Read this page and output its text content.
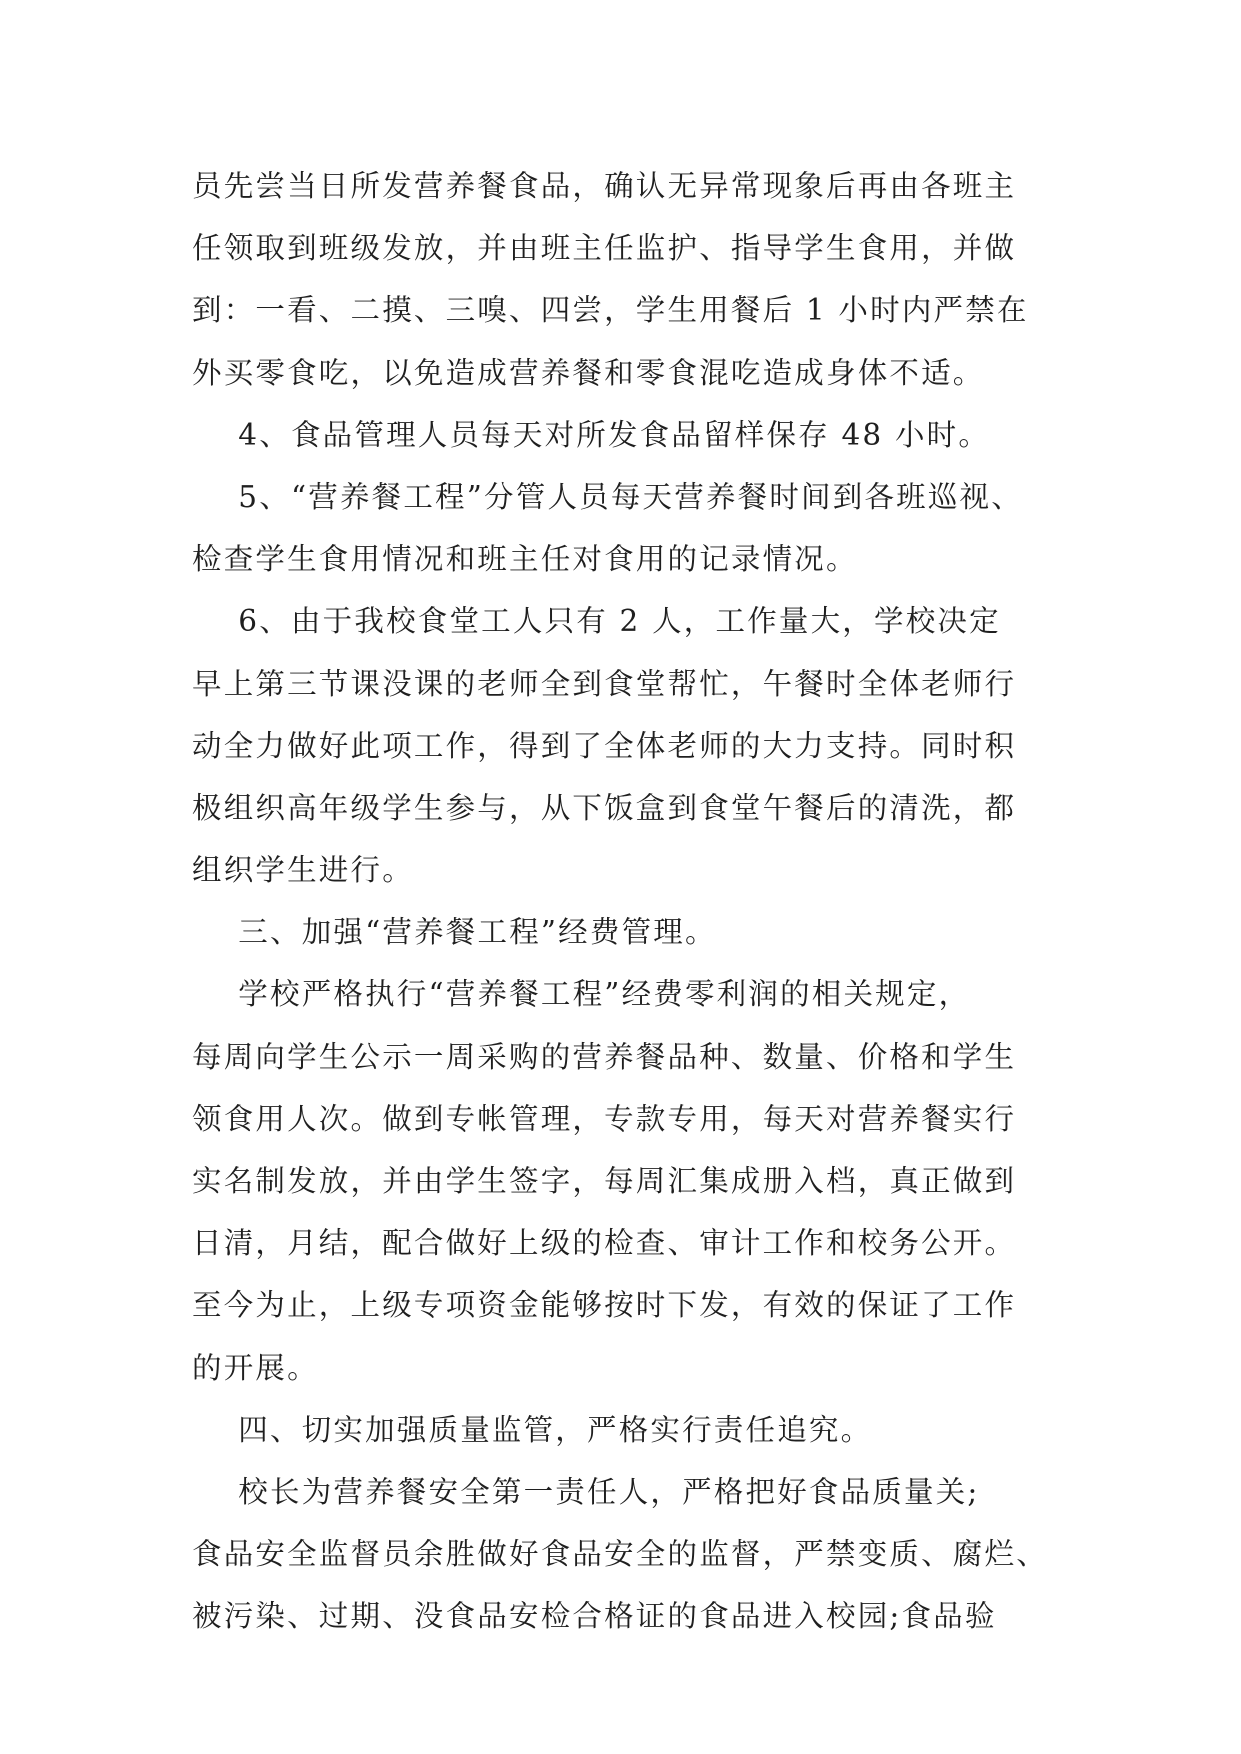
员先尝当日所发营养餐食品，确认无异常现象后再由各班主
任领取到班级发放，并由班主任监护、指导学生食用，并做
到：一看、二摸、三嗅、四尝，学生用餐后 1 小时内严禁在
外买零食吃，以免造成营养餐和零食混吃造成身体不适。
4、食品管理人员每天对所发食品留样保存 48 小时。
5、“营养餐工程”分管人员每天营养餐时间到各班巡视、
检查学生食用情况和班主任对食用的记录情况。
6、由于我校食堂工人只有 2 人，工作量大，学校决定
早上第三节课没课的老师全到食堂帮忙，午餐时全体老师行
动全力做好此项工作，得到了全体老师的大力支持。同时积
极组织高年级学生参与，从下饭盒到食堂午餐后的清洗，都
组织学生进行。
三、加强“营养餐工程”经费管理。
学校严格执行“营养餐工程”经费零利润的相关规定，
每周向学生公示一周采购的营养餐品种、数量、价格和学生
领食用人次。做到专帐管理，专款专用，每天对营养餐实行
实名制发放，并由学生签字，每周汇集成册入档，真正做到
日清，月结，配合做好上级的检查、审计工作和校务公开。
至今为止，上级专项资金能够按时下发，有效的保证了工作
的开展。
四、切实加强质量监管，严格实行责任追究。
校长为营养餐安全第一责任人，严格把好食品质量关;
食品安全监督员余胜做好食品安全的监督，严禁变质、腐烂、
被污染、过期、没食品安检合格证的食品进入校园;食品验
